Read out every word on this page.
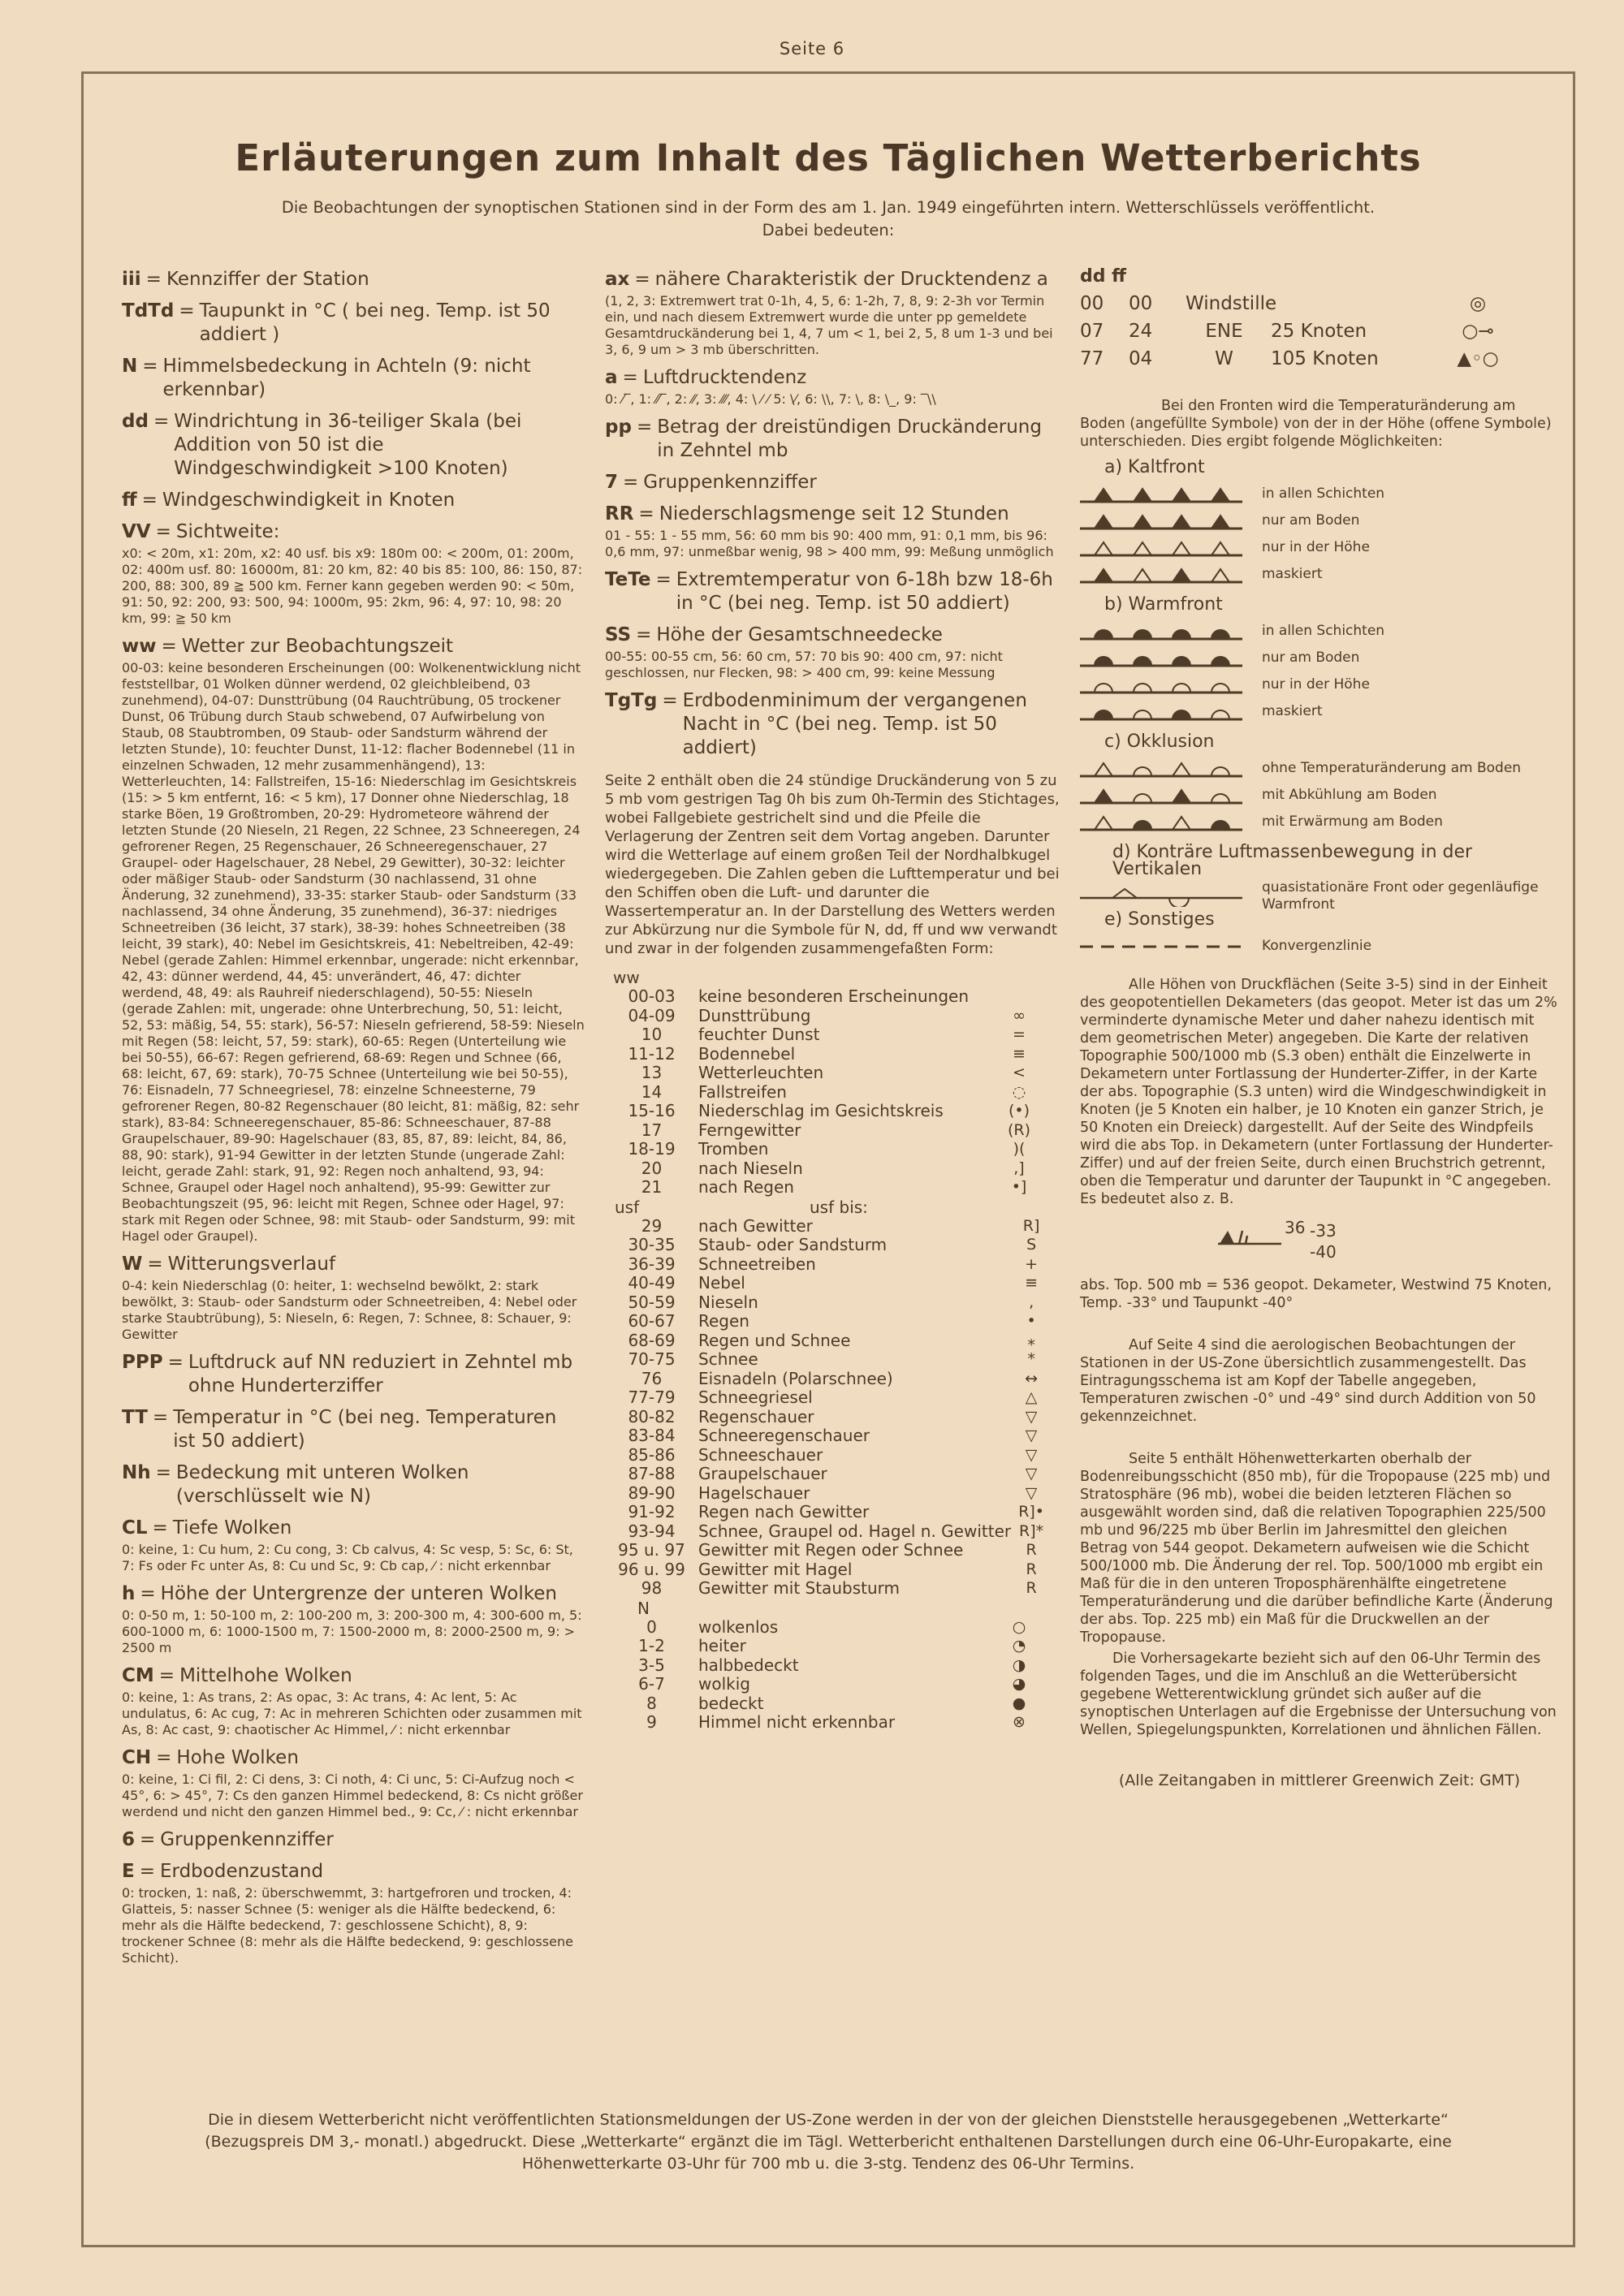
Seite 6
Erläuterungen zum Inhalt des Täglichen Wetterberichts
Die Beobachtungen der synoptischen Stationen sind in der Form des am 1. Jan. 1949 eingeführten intern. Wetterschlüssels veröffentlicht.
Dabei bedeuten:
iii = Kennziffer der Station
TdTd = Taupunkt in °C ( bei neg. Temp. ist 50 addiert )
N = Himmelsbedeckung in Achteln (9: nicht erkennbar)
dd = Windrichtung in 36-teiliger Skala (bei Addition von 50 ist die Windgeschwindigkeit >100 Knoten)
ff = Windgeschwindigkeit in Knoten
VV = Sichtweite:
x0: < 20m, x1: 20m, x2: 40 usf. bis x9: 180m 00: < 200m, 01: 200m, 02: 400m usf. 80: 16000m, 81: 20 km, 82: 40 bis 85: 100, 86: 150, 87: 200, 88: 300, 89 ≧ 500 km. Ferner kann gegeben werden 90: < 50m, 91: 50, 92: 200, 93: 500, 94: 1000m, 95: 2km, 96: 4, 97: 10, 98: 20 km, 99: ≧ 50 km
ww = Wetter zur Beobachtungszeit
00-03: keine besonderen Erscheinungen (00: Wolkenentwicklung nicht feststellbar, 01 Wolken dünner werdend, 02 gleichbleibend, 03 zunehmend), 04-07: Dunsttrübung (04 Rauchtrübung, 05 trockener Dunst, 06 Trübung durch Staub schwebend, 07 Aufwirbelung von Staub, 08 Staubtromben, 09 Staub- oder Sandsturm während der letzten Stunde), 10: feuchter Dunst, 11-12: flacher Bodennebel (11 in einzelnen Schwaden, 12 mehr zusammenhängend), 13: Wetterleuchten, 14: Fallstreifen, 15-16: Niederschlag im Gesichtskreis (15: > 5 km entfernt, 16: < 5 km), 17 Donner ohne Niederschlag, 18 starke Böen, 19 Großtromben, 20-29: Hydrometeore während der letzten Stunde (20 Nieseln, 21 Regen, 22 Schnee, 23 Schneeregen, 24 gefrorener Regen, 25 Regenschauer, 26 Schneeregenschauer, 27 Graupel- oder Hagelschauer, 28 Nebel, 29 Gewitter), 30-32: leichter oder mäßiger Staub- oder Sandsturm (30 nachlassend, 31 ohne Änderung, 32 zunehmend), 33-35: starker Staub- oder Sandsturm (33 nachlassend, 34 ohne Änderung, 35 zunehmend), 36-37: niedriges Schneetreiben (36 leicht, 37 stark), 38-39: hohes Schneetreiben (38 leicht, 39 stark), 40: Nebel im Gesichtskreis, 41: Nebeltreiben, 42-49: Nebel (gerade Zahlen: Himmel erkennbar, ungerade: nicht erkennbar, 42, 43: dünner werdend, 44, 45: unverändert, 46, 47: dichter werdend, 48, 49: als Rauhreif niederschlagend), 50-55: Nieseln (gerade Zahlen: mit, ungerade: ohne Unterbrechung, 50, 51: leicht, 52, 53: mäßig, 54, 55: stark), 56-57: Nieseln gefrierend, 58-59: Nieseln mit Regen (58: leicht, 57, 59: stark), 60-65: Regen (Unterteilung wie bei 50-55), 66-67: Regen gefrierend, 68-69: Regen und Schnee (66, 68: leicht, 67, 69: stark), 70-75 Schnee (Unterteilung wie bei 50-55), 76: Eisnadeln, 77 Schneegriesel, 78: einzelne Schneesterne, 79 gefrorener Regen, 80-82 Regenschauer (80 leicht, 81: mäßig, 82: sehr stark), 83-84: Schneeregenschauer, 85-86: Schneeschauer, 87-88 Graupelschauer, 89-90: Hagelschauer (83, 85, 87, 89: leicht, 84, 86, 88, 90: stark), 91-94 Gewitter in der letzten Stunde (ungerade Zahl: leicht, gerade Zahl: stark, 91, 92: Regen noch anhaltend, 93, 94: Schnee, Graupel oder Hagel noch anhaltend), 95-99: Gewitter zur Beobachtungszeit (95, 96: leicht mit Regen, Schnee oder Hagel, 97: stark mit Regen oder Schnee, 98: mit Staub- oder Sandsturm, 99: mit Hagel oder Graupel).
W = Witterungsverlauf
0-4: kein Niederschlag (0: heiter, 1: wechselnd bewölkt, 2: stark bewölkt, 3: Staub- oder Sandsturm oder Schneetreiben, 4: Nebel oder starke Staubtrübung), 5: Nieseln, 6: Regen, 7: Schnee, 8: Schauer, 9: Gewitter
PPP = Luftdruck auf NN reduziert in Zehntel mb ohne Hunderterziffer
TT = Temperatur in °C (bei neg. Temperaturen ist 50 addiert)
Nh = Bedeckung mit unteren Wolken (verschlüsselt wie N)
CL = Tiefe Wolken
0: keine, 1: Cu hum, 2: Cu cong, 3: Cb calvus, 4: Sc vesp, 5: Sc, 6: St, 7: Fs oder Fc unter As, 8: Cu und Sc, 9: Cb cap, ⁄ : nicht erkennbar
h = Höhe der Untergrenze der unteren Wolken
0: 0-50 m, 1: 50-100 m, 2: 100-200 m, 3: 200-300 m, 4: 300-600 m, 5: 600-1000 m, 6: 1000-1500 m, 7: 1500-2000 m, 8: 2000-2500 m, 9: > 2500 m
CM = Mittelhohe Wolken
0: keine, 1: As trans, 2: As opac, 3: Ac trans, 4: Ac lent, 5: Ac undulatus, 6: Ac cug, 7: Ac in mehreren Schichten oder zusammen mit As, 8: Ac cast, 9: chaotischer Ac Himmel, ⁄ : nicht erkennbar
CH = Hohe Wolken
0: keine, 1: Ci fil, 2: Ci dens, 3: Ci noth, 4: Ci unc, 5: Ci-Aufzug noch < 45°, 6: > 45°, 7: Cs den ganzen Himmel bedeckend, 8: Cs nicht größer werdend und nicht den ganzen Himmel bed., 9: Cc, ⁄ : nicht erkennbar
6 = Gruppenkennziffer
E = Erdbodenzustand
0: trocken, 1: naß, 2: überschwemmt, 3: hartgefroren und trocken, 4: Glatteis, 5: nasser Schnee (5: weniger als die Hälfte bedeckend, 6: mehr als die Hälfte bedeckend, 7: geschlossene Schicht), 8, 9: trockener Schnee (8: mehr als die Hälfte bedeckend, 9: geschlossene Schicht).
ax = nähere Charakteristik der Drucktendenz a
(1, 2, 3: Extremwert trat 0-1h, 4, 5, 6: 1-2h, 7, 8, 9: 2-3h vor Termin ein, und nach diesem Extremwert wurde die unter pp gemeldete Gesamtdruckänderung bei 1, 4, 7 um < 1, bei 2, 5, 8 um 1-3 und bei 3, 6, 9 um > 3 mb überschritten.
a = Luftdrucktendenz
0: ⁄‾, 1: ⁄⁄‾, 2: ⁄⁄, 3: ⁄⁄⁄, 4: \ ⁄ ⁄ 5: \⁄, 6: \\, 7: \, 8: \_, 9: ‾\\
pp = Betrag der dreistündigen Druckänderung in Zehntel mb
7 = Gruppenkennziffer
RR = Niederschlagsmenge seit 12 Stunden
01 - 55: 1 - 55 mm, 56: 60 mm bis 90: 400 mm, 91: 0,1 mm, bis 96: 0,6 mm, 97: unmeßbar wenig, 98 > 400 mm, 99: Meßung unmöglich
TeTe = Extremtemperatur von 6-18h bzw 18-6h in °C (bei neg. Temp. ist 50 addiert)
SS = Höhe der Gesamtschneedecke
00-55: 00-55 cm, 56: 60 cm, 57: 70 bis 90: 400 cm, 97: nicht geschlossen, nur Flecken, 98: > 400 cm, 99: keine Messung
TgTg = Erdbodenminimum der vergangenen Nacht in °C (bei neg. Temp. ist 50 addiert)
Seite 2 enthält oben die 24 stündige Druckänderung von 5 zu 5 mb vom gestrigen Tag 0h bis zum 0h-Termin des Stichtages, wobei Fallgebiete gestrichelt sind und die Pfeile die Verlagerung der Zentren seit dem Vortag angeben. Darunter wird die Wetterlage auf einem großen Teil der Nordhalbkugel wiedergegeben. Die Zahlen geben die Lufttemperatur und bei den Schiffen oben die Luft- und darunter die Wassertemperatur an. In der Darstellung des Wetters werden zur Abkürzung nur die Symbole für N, dd, ff und ww verwandt und zwar in der folgenden zusammengefaßten Form:
ww
00-03	keine besonderen Erscheinungen	
04-09	Dunsttrübung	∞
10	feuchter Dunst	=
11-12	Bodennebel	≡
13	Wetterleuchten	<
14	Fallstreifen	◌
15-16	Niederschlag im Gesichtskreis	(•)
17	Ferngewitter	(R)
18-19	Tromben	)(
20	nach Nieseln	,]
21	nach Regen	•]
usf	usf bis:
29	nach Gewitter	R]
30-35	Staub- oder Sandsturm	S
36-39	Schneetreiben	+
40-49	Nebel	≡
50-59	Nieseln	,
60-67	Regen	•
68-69	Regen und Schnee	⁎
70-75	Schnee	*
76	Eisnadeln (Polarschnee)	↔
77-79	Schneegriesel	△
80-82	Regenschauer	▽
83-84	Schneeregenschauer	▽
85-86	Schneeschauer	▽
87-88	Graupelschauer	▽
89-90	Hagelschauer	▽
91-92	Regen nach Gewitter	R]•
93-94	Schnee, Graupel od. Hagel n. Gewitter	R]*
95 u. 97	Gewitter mit Regen oder Schnee	R
96 u. 99	Gewitter mit Hagel	R
98	Gewitter mit Staubsturm	R
N
0	wolkenlos	○
1-2	heiter	◔
3-5	halbbedeckt	◑
6-7	wolkig	◕
8	bedeckt	●
9	Himmel nicht erkennbar	⊗
dd ff
00	00	Windstille	◎
07	24	ENE 25 Knoten	○⊸
77	04	W 105 Knoten	▲◦○
Bei den Fronten wird die Temperaturänderung am Boden (angefüllte Symbole) von der in der Höhe (offene Symbole) unterschieden. Dies ergibt folgende Möglichkeiten:
a) Kaltfront
in allen Schichten
nur am Boden
nur in der Höhe
maskiert
b) Warmfront
in allen Schichten
nur am Boden
nur in der Höhe
maskiert
c) Okklusion
ohne Temperaturänderung am Boden
mit Abkühlung am Boden
mit Erwärmung am Boden
d) Konträre Luftmassenbewegung in der Vertikalen
quasistationäre Front oder gegenläufige Warmfront
e) Sonstiges
Konvergenzlinie
Alle Höhen von Druckflächen (Seite 3-5) sind in der Einheit des geopotentiellen Dekameters (das geopot. Meter ist das um 2% verminderte dynamische Meter und daher nahezu identisch mit dem geometrischen Meter) angegeben. Die Karte der relativen Topographie 500/1000 mb (S.3 oben) enthält die Einzelwerte in Dekametern unter Fortlassung der Hunderter-Ziffer, in der Karte der abs. Topographie (S.3 unten) wird die Windgeschwindigkeit in Knoten (je 5 Knoten ein halber, je 10 Knoten ein ganzer Strich, je 50 Knoten ein Dreieck) dargestellt. Auf der Seite des Windpfeils wird die abs Top. in Dekametern (unter Fortlassung der Hunderter-Ziffer) und auf der freien Seite, durch einen Bruchstrich getrennt, oben die Temperatur und darunter der Taupunkt in °C angegeben. Es bedeutet also z. B.
36 -33
-40
abs. Top. 500 mb = 536 geopot. Dekameter, Westwind 75 Knoten, Temp. -33° und Taupunkt -40°
Auf Seite 4 sind die aerologischen Beobachtungen der Stationen in der US-Zone übersichtlich zusammengestellt. Das Eintragungsschema ist am Kopf der Tabelle angegeben, Temperaturen zwischen -0° und -49° sind durch Addition von 50 gekennzeichnet.
Seite 5 enthält Höhenwetterkarten oberhalb der Bodenreibungsschicht (850 mb), für die Tropopause (225 mb) und Stratosphäre (96 mb), wobei die beiden letzteren Flächen so ausgewählt worden sind, daß die relativen Topographien 225/500 mb und 96/225 mb über Berlin im Jahresmittel den gleichen Betrag von 544 geopot. Dekametern aufweisen wie die Schicht 500/1000 mb. Die Änderung der rel. Top. 500/1000 mb ergibt ein Maß für die in den unteren Troposphärenhälfte eingetretene Temperaturänderung und die darüber befindliche Karte (Änderung der abs. Top. 225 mb) ein Maß für die Druckwellen an der Tropopause.
Die Vorhersagekarte bezieht sich auf den 06-Uhr Termin des folgenden Tages, und die im Anschluß an die Wetterübersicht gegebene Wetterentwicklung gründet sich außer auf die synoptischen Unterlagen auf die Ergebnisse der Untersuchung von Wellen, Spiegelungspunkten, Korrelationen und ähnlichen Fällen.
(Alle Zeitangaben in mittlerer Greenwich Zeit: GMT)
Die in diesem Wetterbericht nicht veröffentlichten Stationsmeldungen der US-Zone werden in der von der gleichen Dienststelle herausgegebenen „Wetterkarte“ (Bezugspreis DM 3,- monatl.) abgedruckt. Diese „Wetterkarte“ ergänzt die im Tägl. Wetterbericht enthaltenen Darstellungen durch eine 06-Uhr-Europakarte, eine Höhenwetterkarte 03-Uhr für 700 mb u. die 3-stg. Tendenz des 06-Uhr Termins.
